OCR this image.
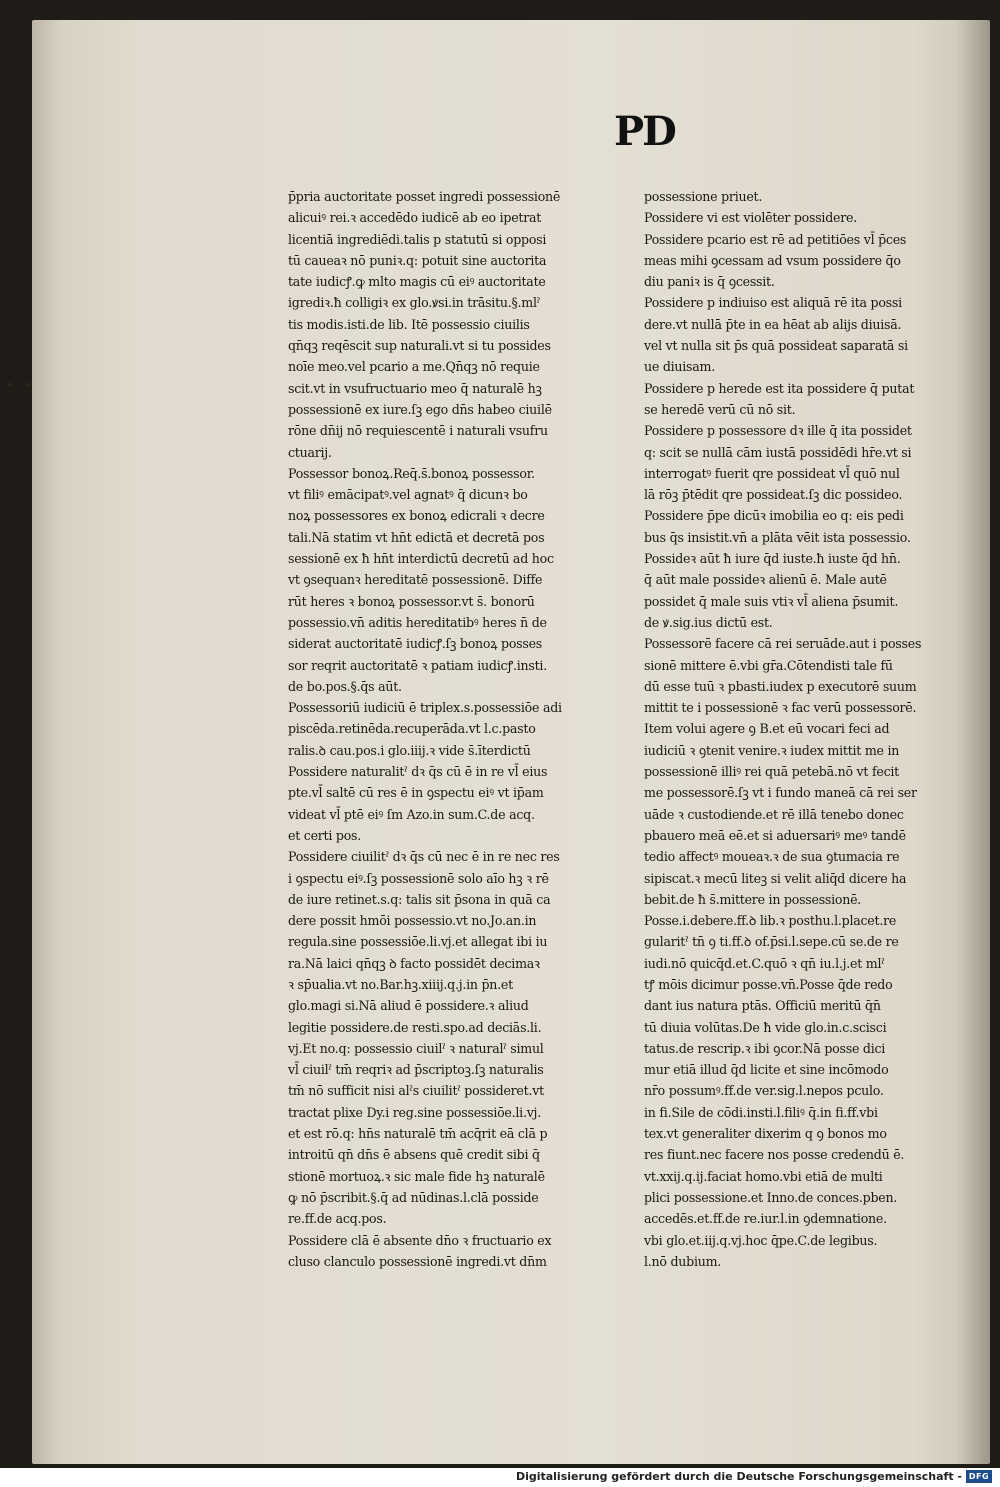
PD
p̄pria auctoritate posset ingredi possessionē
alicuiꝰ rei.ꝛ accedēdo iudicē ab eo ipetrat
licentiā ingrediēdi.talis p statutū si opposi
tū caueaꝛ nō puniꝛ.q: potuit sine auctorita
tate iudicꝭ.ꝙ mlto magis cū eiꝰ auctoritate
igrediꝛ.ħ colligiꝛ ex glo.ꝟsi.in trāsitu.§.mlˀ
tis modis.isti.de lib. Itē possessio ciuilis
qn̄qꝫ reqēscit sup naturali.vt si tu possides
noīe meo.vel pcario a me.Qn̄qꝫ nō requie
scit.vt in vsufructuario meo q̄ naturalē hꝫ
possessionē ex iure.ſꝫ ego dn̄s habeo ciuilē
rōne dn̄ij nō requiescentē i naturali vsufru
ctuarij.
Possessor bonoꝝ.Req̄.s̄.bonoꝝ possessor.
vt filiꝰ emācipatꝰ.vel agnatꝰ q̄ dicunꝛ bo
noꝝ possessores ex bonoꝝ edicrali ꝛ decre
tali.Nā statim vt hn̄t edictā et decretā pos
sessionē ex ħ hn̄t interdictū decretū ad hoc
vt ꝯsequanꝛ hereditatē possessionē. Diffe
rūt heres ꝛ bonoꝝ possessor.vt s̄. bonorū
possessio.vn̄ aditis hereditatibꝰ heres n̄ de
siderat auctoritatē iudicꝭ.ſꝫ bonoꝝ posses
sor reqrit auctoritatē ꝛ patiam iudicꝭ.insti.
de bo.pos.§.q̄s aūt.
Possessoriū iudiciū ē triplex.s.possessiōe adi
piscēda.retinēda.recuperāda.vt l.c.pasto
ralis.ꝺ cau.pos.i glo.iiij.ꝛ vide s̄.īterdictū
Possidere naturalitˀ dꝛ q̄s cū ē in re vl̄ eius
pte.vl̄ saltē cū res ē in ꝯspectu eiꝰ vt ip̄am
videat vl̄ ptē eiꝰ ſm Azo.in sum.C.de acq.
et certi pos.
Possidere ciuilitˀ dꝛ q̄s cū nec ē in re nec res
i ꝯspectu eiꝰ.ſꝫ possessionē solo aīo hꝫ ꝛ rē
de iure retinet.s.q: talis sit p̄sona in quā ca
dere possit hmōi possessio.vt no.Jo.an.in
regula.sine possessiōe.li.vj.et allegat ibi iu
ra.Nā laici qn̄qꝫ ꝺ facto possidēt decimaꝛ
ꝛ sp̄ualia.vt no.Bar.hꝫ.xiiij.q.j.in p̄n.et
glo.magi si.Nā aliud ē possidere.ꝛ aliud
legitie possidere.de resti.spo.ad deciās.li.
vj.Et no.q: possessio ciuilˀ ꝛ naturalˀ simul
vl̄ ciuilˀ tm̄ reqriꝛ ad p̄scriptoꝫ.ſꝫ naturalis
tm̄ nō sufficit nisi alˀs ciuilitˀ possideret.vt
tractat plixe Dy.i reg.sine possessiōe.li.vj.
et est rō.q: hn̄s naturalē tm̄ acq̄rit eā clā p
introitū qn̄ dn̄s ē absens quē credit sibi q̄
stionē mortuoꝝ.ꝛ sic male fide hꝫ naturalē
ꝙ nō p̄scribit.§.q̄ ad nūdinas.l.clā posside
re.ff.de acq.pos.
Possidere clā ē absente dn̄o ꝛ fructuario ex
cluso clanculo possessionē ingredi.vt dn̄m
possessione priuet.
Possidere vi est violēter possidere.
Possidere pcario est rē ad petitiōes vl̄ p̄ces
meas mihi ꝯcessam ad vsum possidere q̄o
diu paniꝛ is q̄ ꝯcessit.
Possidere p indiuiso est aliquā rē ita possi
dere.vt nullā p̄te in ea hēat ab alijs diuisā.
vel vt nulla sit p̄s quā possideat saparatā si
ue diuisam.
Possidere p herede est ita possidere q̄ putat
se heredē verū cū nō sit.
Possidere p possessore dꝛ ille q̄ ita possidet
q: scit se nullā cām iustā possidēdi hr̄e.vt si
interrogatꝰ fuerit qre possideat vl̄ quō nul
lā rōꝫ p̄tēdit qre possideat.ſꝫ dic possideo.
Possidere p̄pe dicūꝛ imobilia eo q: eis pedi
bus q̄s insistit.vn̄ a plāta vēit ista possessio.
Possideꝛ aūt ħ iure q̄d iuste.ħ iuste q̄d hn̄.
q̄ aūt male possideꝛ alienū ē. Male autē
possidet q̄ male suis vtiꝛ vl̄ aliena p̄sumit.
de ꝟ.sig.ius dictū est.
Possessorē facere cā rei seruāde.aut i posses
sionē mittere ē.vbi gr̄a.Cōtendisti tale fū
dū esse tuū ꝛ pbasti.iudex p executorē suum
mittit te i possessionē ꝛ fac verū possessorē.
Item volui agere ꝯ B.et eū vocari feci ad
iudiciū ꝛ ꝯtenit venire.ꝛ iudex mittit me in
possessionē illiꝰ rei quā petebā.nō vt fecit
me possessorē.ſꝫ vt i fundo maneā cā rei ser
uāde ꝛ custodiende.et rē illā tenebo donec
pbauero meā eē.et si aduersariꝰ meꝰ tandē
tedio affectꝰ moueaꝛ.ꝛ de sua ꝯtumacia re
sipiscat.ꝛ mecū liteꝫ si velit aliq̄d dicere ha
bebit.de ħ s̄.mittere in possessionē.
Posse.i.debere.ff.ꝺ lib.ꝛ posthu.l.placet.re
gularitˀ tn̄ ꝯ ti.ff.ꝺ of.p̄si.l.sepe.cū se.de re
iudi.nō quicq̄d.et.C.quō ꝛ qn̄ iu.l.j.et mlˀ
tꝭ mōis dicimur posse.vn̄.Posse q̄de redo
dant ius natura ptās. Officiū meritū q̄n̄
tū diuia volūtas.De ħ vide glo.in.c.scisci
tatus.de rescrip.ꝛ ibi ꝯcor.Nā posse dici
mur etiā illud q̄d licite et sine incōmodo
nr̄o possumꝰ.ff.de ver.sig.l.nepos pculo.
in fi.Sile de cōdi.insti.l.filiꝰ q̄.in fi.ff.vbi
tex.vt generaliter dixerim q ꝯ bonos mo
res fiunt.nec facere nos posse credendū ē.
vt.xxij.q.ij.faciat homo.vbi etiā de multi
plici possessione.et Inno.de conces.pben.
accedēs.et.ff.de re.iur.l.in ꝯdemnatione.
vbi glo.et.iij.q.vj.hoc q̄pe.C.de legibus.
l.nō dubium.
• •
Digitalisierung gefördert durch die Deutsche Forschungsgemeinschaft - DFG
